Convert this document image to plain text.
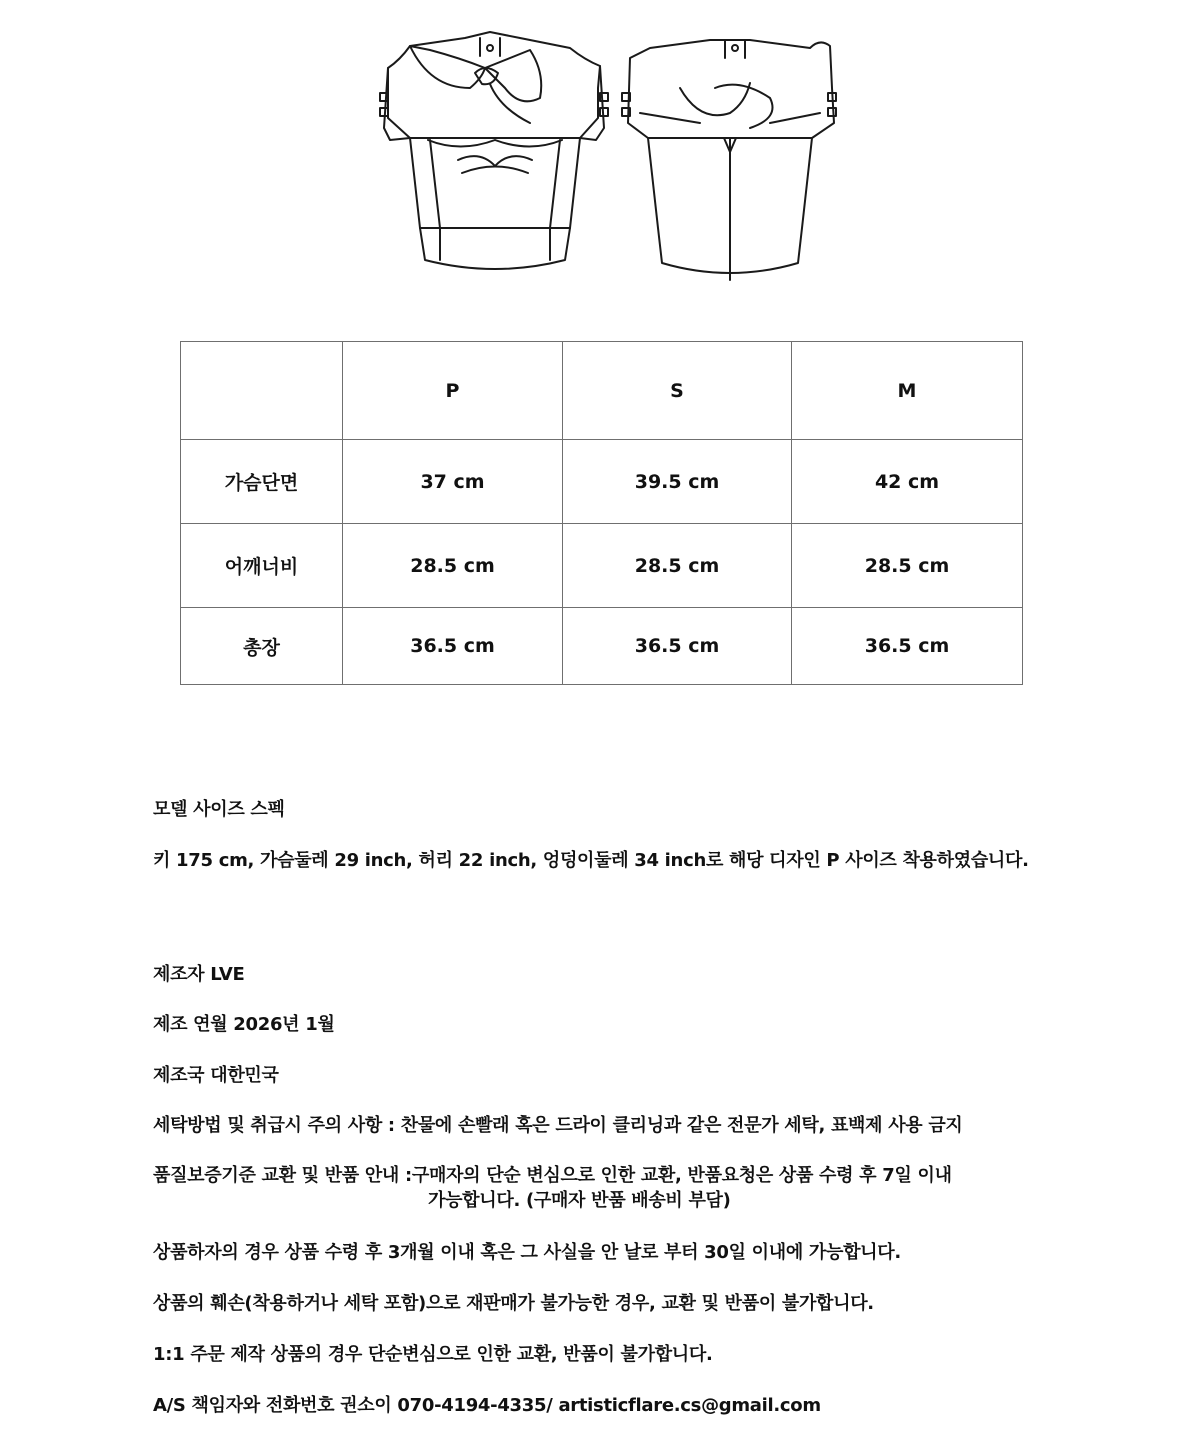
	P	S	M
가슴단면	37 cm	39.5 cm	42 cm
어깨너비	28.5 cm	28.5 cm	28.5 cm
총장	36.5 cm	36.5 cm	36.5 cm
모델 사이즈 스펙
키 175 cm, 가슴둘레 29 inch, 허리 22 inch, 엉덩이둘레 34 inch로 해당 디자인 P 사이즈 착용하였습니다.
제조자 LVE
제조 연월 2026년 1월
제조국 대한민국
세탁방법 및 취급시 주의 사항 : 찬물에 손빨래 혹은 드라이 클리닝과 같은 전문가 세탁, 표백제 사용 금지
품질보증기준 교환 및 반품 안내 :구매자의 단순 변심으로 인한 교환, 반품요청은 상품 수령 후 7일 이내
가능합니다. (구매자 반품 배송비 부담)
상품하자의 경우 상품 수령 후 3개월 이내 혹은 그 사실을 안 날로 부터 30일 이내에 가능합니다.
상품의 훼손(착용하거나 세탁 포함)으로 재판매가 불가능한 경우, 교환 및 반품이 불가합니다.
1:1 주문 제작 상품의 경우 단순변심으로 인한 교환, 반품이 불가합니다.
A/S 책임자와 전화번호 권소이 070-4194-4335/ artisticflare.cs@gmail.com
